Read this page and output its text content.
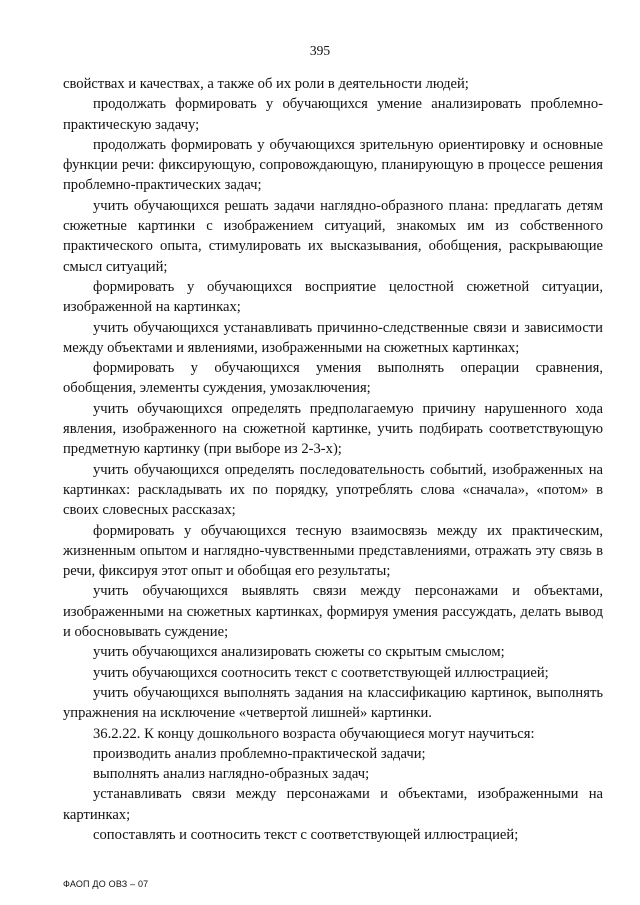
395

свойствах и качествах, а также об их роли в деятельности людей;

продолжать формировать у обучающихся умение анализировать проблемно-практическую задачу;

продолжать формировать у обучающихся зрительную ориентировку и основные функции речи: фиксирующую, сопровождающую, планирующую в процессе решения проблемно-практических задач;

учить обучающихся решать задачи наглядно-образного плана: предлагать детям сюжетные картинки с изображением ситуаций, знакомых им из собственного практического опыта, стимулировать их высказывания, обобщения, раскрывающие смысл ситуаций;

формировать у обучающихся восприятие целостной сюжетной ситуации, изображенной на картинках;

учить обучающихся устанавливать причинно-следственные связи и зависимости между объектами и явлениями, изображенными на сюжетных картинках;

формировать у обучающихся умения выполнять операции сравнения, обобщения, элементы суждения, умозаключения;

учить обучающихся определять предполагаемую причину нарушенного хода явления, изображенного на сюжетной картинке, учить подбирать соответствующую предметную картинку (при выборе из 2-3-х);

учить обучающихся определять последовательность событий, изображенных на картинках: раскладывать их по порядку, употреблять слова «сначала», «потом» в своих словесных рассказах;

формировать у обучающихся тесную взаимосвязь между их практическим, жизненным опытом и наглядно-чувственными представлениями, отражать эту связь в речи, фиксируя этот опыт и обобщая его результаты;

учить обучающихся выявлять связи между персонажами и объектами, изображенными на сюжетных картинках, формируя умения рассуждать, делать вывод и обосновывать суждение;

учить обучающихся анализировать сюжеты со скрытым смыслом;

учить обучающихся соотносить текст с соответствующей иллюстрацией;

учить обучающихся выполнять задания на классификацию картинок, выполнять упражнения на исключение «четвертой лишней» картинки.

36.2.22. К концу дошкольного возраста обучающиеся могут научиться:

производить анализ проблемно-практической задачи;

выполнять анализ наглядно-образных задач;

устанавливать связи между персонажами и объектами, изображенными на картинках;

сопоставлять и соотносить текст с соответствующей иллюстрацией;

ФАОП ДО ОВЗ – 07
